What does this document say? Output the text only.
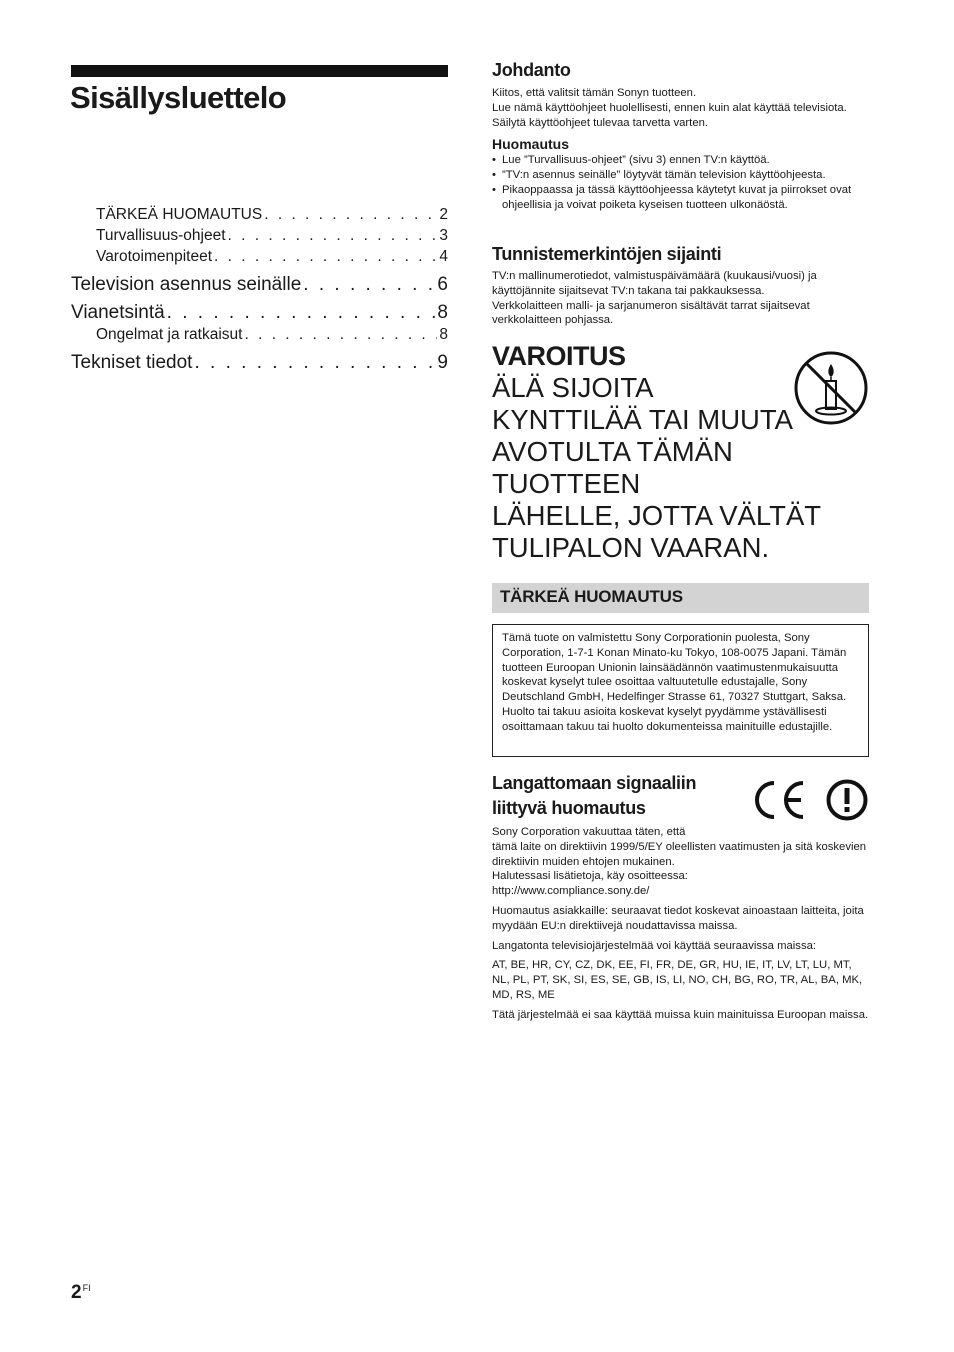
Sisällysluettelo
TÄRKEÄ HUOMAUTUS . . .	2
Turvallisuus-ohjeet . . .	3
Varotoimenpiteet . . .	4
Television asennus seinälle . . .	6
Vianetsintä . . .	8
Ongelmat ja ratkaisut . . .	8
Tekniset tiedot . . .	9
Johdanto

Kiitos, että valitsit tämän Sonyn tuotteen.

Lue nämä käyttöohjeet huolellisesti, ennen kuin alat käyttää televisiota. Säilytä käyttöohjeet tulevaa tarvetta varten.

Huomautus
• Lue ”Turvallisuus-ohjeet” (sivu 3) ennen TV:n käyttöä.
• ”TV:n asennus seinälle” löytyvät tämän television käyttöohjeesta.
• Pikaoppaassa ja tässä käyttöohjeessa käytetyt kuvat ja piirrokset ovat ohjeellisia ja voivat poiketa kyseisen tuotteen ulkonäöstä.
Tunnistemerkintöjen sijainti

TV:n mallinumerotiedot, valmistuspäivämäärä (kuukausi/vuosi) ja käyttöjännite sijaitsevat TV:n takana tai pakkauksessa.

Verkkolaitteen malli- ja sarjanumeron sisältävät tarrat sijaitsevat verkkolaitteen pohjassa.

VAROITUS

ÄLÄ SIJOITA
KYNTTILÄÄ TAI MUUTA
AVOTULTA TÄMÄN TUOTTEEN
LÄHELLE, JOTTA VÄLTÄT
TULIPALON VAARAN.

TÄRKEÄ HUOMAUTUS
Tämä tuote on valmistettu Sony Corporationin puolesta, Sony Corporation, 1-7-1 Konan Minato-ku Tokyo, 108-0075 Japani. Tämän tuotteen Euroopan Unionin lainsäädännön vaatimustenmukaisuutta koskevat kyselyt tulee osoittaa valtuutetulle edustajalle, Sony Deutschland GmbH, Hedelfinger Strasse 61, 70327 Stuttgart, Saksa. Huolto tai takuu asioita koskevat kyselyt pyydämme ystävällisesti osoittamaan takuu tai huolto dokumenteissa mainituille edustajille.
Langattomaan signaaliin
liittyvä huomautus

Sony Corporation vakuuttaa täten, että

tämä laite on direktiivin 1999/5/EY oleellisten vaatimusten ja sitä koskevien direktiivin muiden ehtojen mukainen.

Halutessasi lisätietoja, käy osoitteessa:

http://www.compliance.sony.de/

Huomautus asiakkaille: seuraavat tiedot koskevat ainoastaan laitteita, joita myydään EU:n direktiivejä noudattavissa maissa.

Langatonta televisiojärjestelmää voi käyttää seuraavissa maissa:

AT, BE, HR, CY, CZ, DK, EE, FI, FR, DE, GR, HU, IE, IT, LV, LT, LU, MT, NL, PL, PT, SK, SI, ES, SE, GB, IS, LI, NO, CH, BG, RO, TR, AL, BA, MK, MD, RS, ME

Tätä järjestelmää ei saa käyttää muissa kuin mainituissa Euroopan maissa.

$2^{FI}$
